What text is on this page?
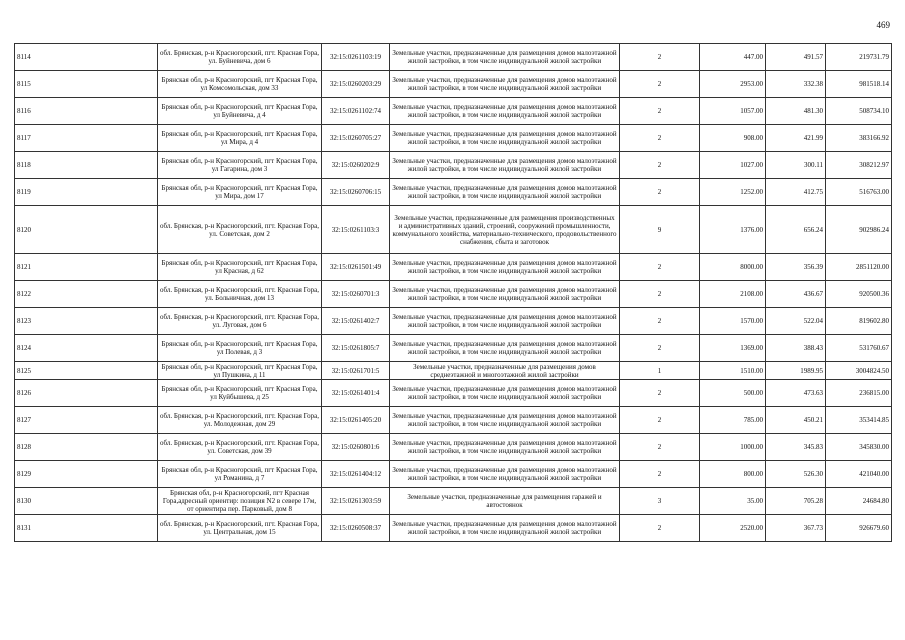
469
8114	обл. Брянская, р-н Красногорский, пгт. Красная Гора, ул. Буйневича, дом 6	32:15:0261103:19	Земельные участки, предназначенные для размещения домов малоэтажной жилой застройки, в том числе индивидуальной жилой застройки	2	447.00	491.57	219731.79
8115	Брянская обл, р-н Красногорский, пгт Красная Гора, ул Комсомольская, дом 33	32:15:0260203:29	Земельные участки, предназначенные для размещения домов малоэтажной жилой застройки, в том числе индивидуальной жилой застройки	2	2953.00	332.38	981518.14
8116	Брянская обл, р-н Красногорский, пгт Красная Гора, ул Буйневича, д 4	32:15:0261102:74	Земельные участки, предназначенные для размещения домов малоэтажной жилой застройки, в том числе индивидуальной жилой застройки	2	1057.00	481.30	508734.10
8117	Брянская обл, р-н Красногорский, пгт Красная Гора, ул Мира, д 4	32:15:0260705:27	Земельные участки, предназначенные для размещения домов малоэтажной жилой застройки, в том числе индивидуальной жилой застройки	2	908.00	421.99	383166.92
8118	Брянская обл, р-н Красногорский, пгт Красная Гора, ул Гагарина, дом 3	32:15:0260202:9	Земельные участки, предназначенные для размещения домов малоэтажной жилой застройки, в том числе индивидуальной жилой застройки	2	1027.00	300.11	308212.97
8119	Брянская обл, р-н Красногорский, пгт Красная Гора, ул Мира, дом 17	32:15:0260706:15	Земельные участки, предназначенные для размещения домов малоэтажной жилой застройки, в том числе индивидуальной жилой застройки	2	1252.00	412.75	516763.00
8120	обл. Брянская, р-н Красногорский, пгт. Красная Гора, ул. Советская, дом 2	32:15:0261103:3	Земельные участки, предназначенные для размещения производственных и административных зданий, строений, сооружений промышленности, коммунального хозяйства, материально-технического, продовольственного снабжения, сбыта и заготовок	9	1376.00	656.24	902986.24
8121	Брянская обл, р-н Красногорский, пгт Красная Гора, ул Красная, д 62	32:15:0261501:49	Земельные участки, предназначенные для размещения домов малоэтажной жилой застройки, в том числе индивидуальной жилой застройки	2	8000.00	356.39	2851120.00
8122	обл. Брянская, р-н Красногорский, пгт. Красная Гора, ул. Больничная, дом 13	32:15:0260701:3	Земельные участки, предназначенные для размещения домов малоэтажной жилой застройки, в том числе индивидуальной жилой застройки	2	2108.00	436.67	920500.36
8123	обл. Брянская, р-н Красногорский, пгт. Красная Гора, ул. Луговая, дом 6	32:15:0261402:7	Земельные участки, предназначенные для размещения домов малоэтажной жилой застройки, в том числе индивидуальной жилой застройки	2	1570.00	522.04	819602.80
8124	Брянская обл, р-н Красногорский, пгт Красная Гора, ул Полевая, д 3	32:15:0261805:7	Земельные участки, предназначенные для размещения домов малоэтажной жилой застройки, в том числе индивидуальной жилой застройки	2	1369.00	388.43	531760.67
8125	Брянская обл, р-н Красногорский, пгт Красная Гора, ул Пушкина, д 11	32:15:0261701:5	Земельные участки, предназначенные для размещения домов среднеэтажной и многоэтажной жилой застройки	1	1510.00	1989.95	3004824.50
8126	Брянская обл, р-н Красногорский, пгт Красная Гора, ул Куйбышева, д 25	32:15:0261401:4	Земельные участки, предназначенные для размещения домов малоэтажной жилой застройки, в том числе индивидуальной жилой застройки	2	500.00	473.63	236815.00
8127	обл. Брянская, р-н Красногорский, пгт. Красная Гора, ул. Молодежная, дом 29	32:15:0261405:20	Земельные участки, предназначенные для размещения домов малоэтажной жилой застройки, в том числе индивидуальной жилой застройки	2	785.00	450.21	353414.85
8128	обл. Брянская, р-н Красногорский, пгт. Красная Гора, ул. Советская, дом 39	32:15:0260801:6	Земельные участки, предназначенные для размещения домов малоэтажной жилой застройки, в том числе индивидуальной жилой застройки	2	1000.00	345.83	345830.00
8129	Брянская обл, р-н Красногорский, пгт Красная Гора, ул Романина, д 7	32:15:0261404:12	Земельные участки, предназначенные для размещения домов малоэтажной жилой застройки, в том числе индивидуальной жилой застройки	2	800.00	526.30	421040.00
8130	Брянская обл, р-н Красногорский, пгт Красная Гора,адресный ориентир: позиция N2 в севере 17м, от ориентира пер. Парковый, дом 8	32:15:0261303:59	Земельные участки, предназначенные для размещения гаражей и автостоянок	3	35.00	705.28	24684.80
8131	обл. Брянская, р-н Красногорский, пгт. Красная Гора, ул. Центральная, дом 15	32:15:0260508:37	Земельные участки, предназначенные для размещения домов малоэтажной жилой застройки, в том числе индивидуальной жилой застройки	2	2520.00	367.73	926679.60
